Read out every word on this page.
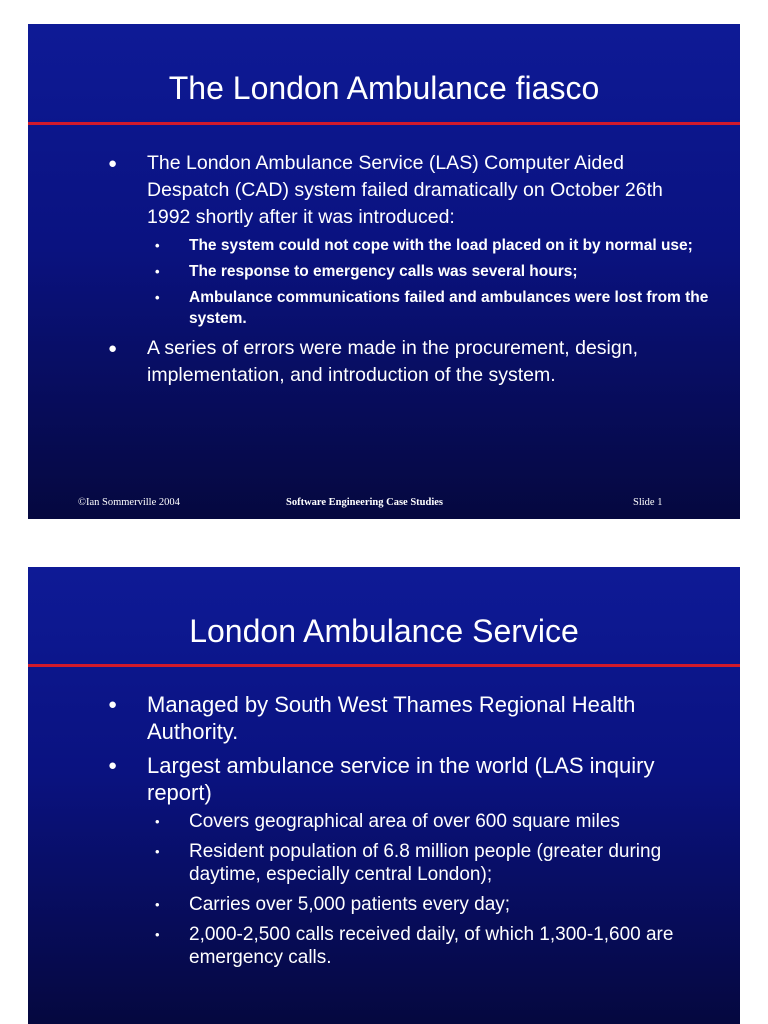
The London Ambulance fiasco
● The London Ambulance Service (LAS) Computer Aided Despatch (CAD) system failed dramatically on October 26th 1992 shortly after it was introduced:
• The system could not cope with the load placed on it by normal use;
• The response to emergency calls was several hours;
• Ambulance communications failed and ambulances were lost from the system.
● A series of errors were made in the procurement, design, implementation, and introduction of the system.
©Ian Sommerville 2004	Software Engineering Case Studies	Slide 1
London Ambulance Service
● Managed by South West Thames Regional Health Authority.
● Largest ambulance service in the world (LAS inquiry report)
• Covers geographical area of over 600 square miles
• Resident population of 6.8 million people (greater during daytime, especially central London);
• Carries over 5,000 patients every day;
• 2,000-2,500 calls received daily, of which 1,300-1,600 are emergency calls.
